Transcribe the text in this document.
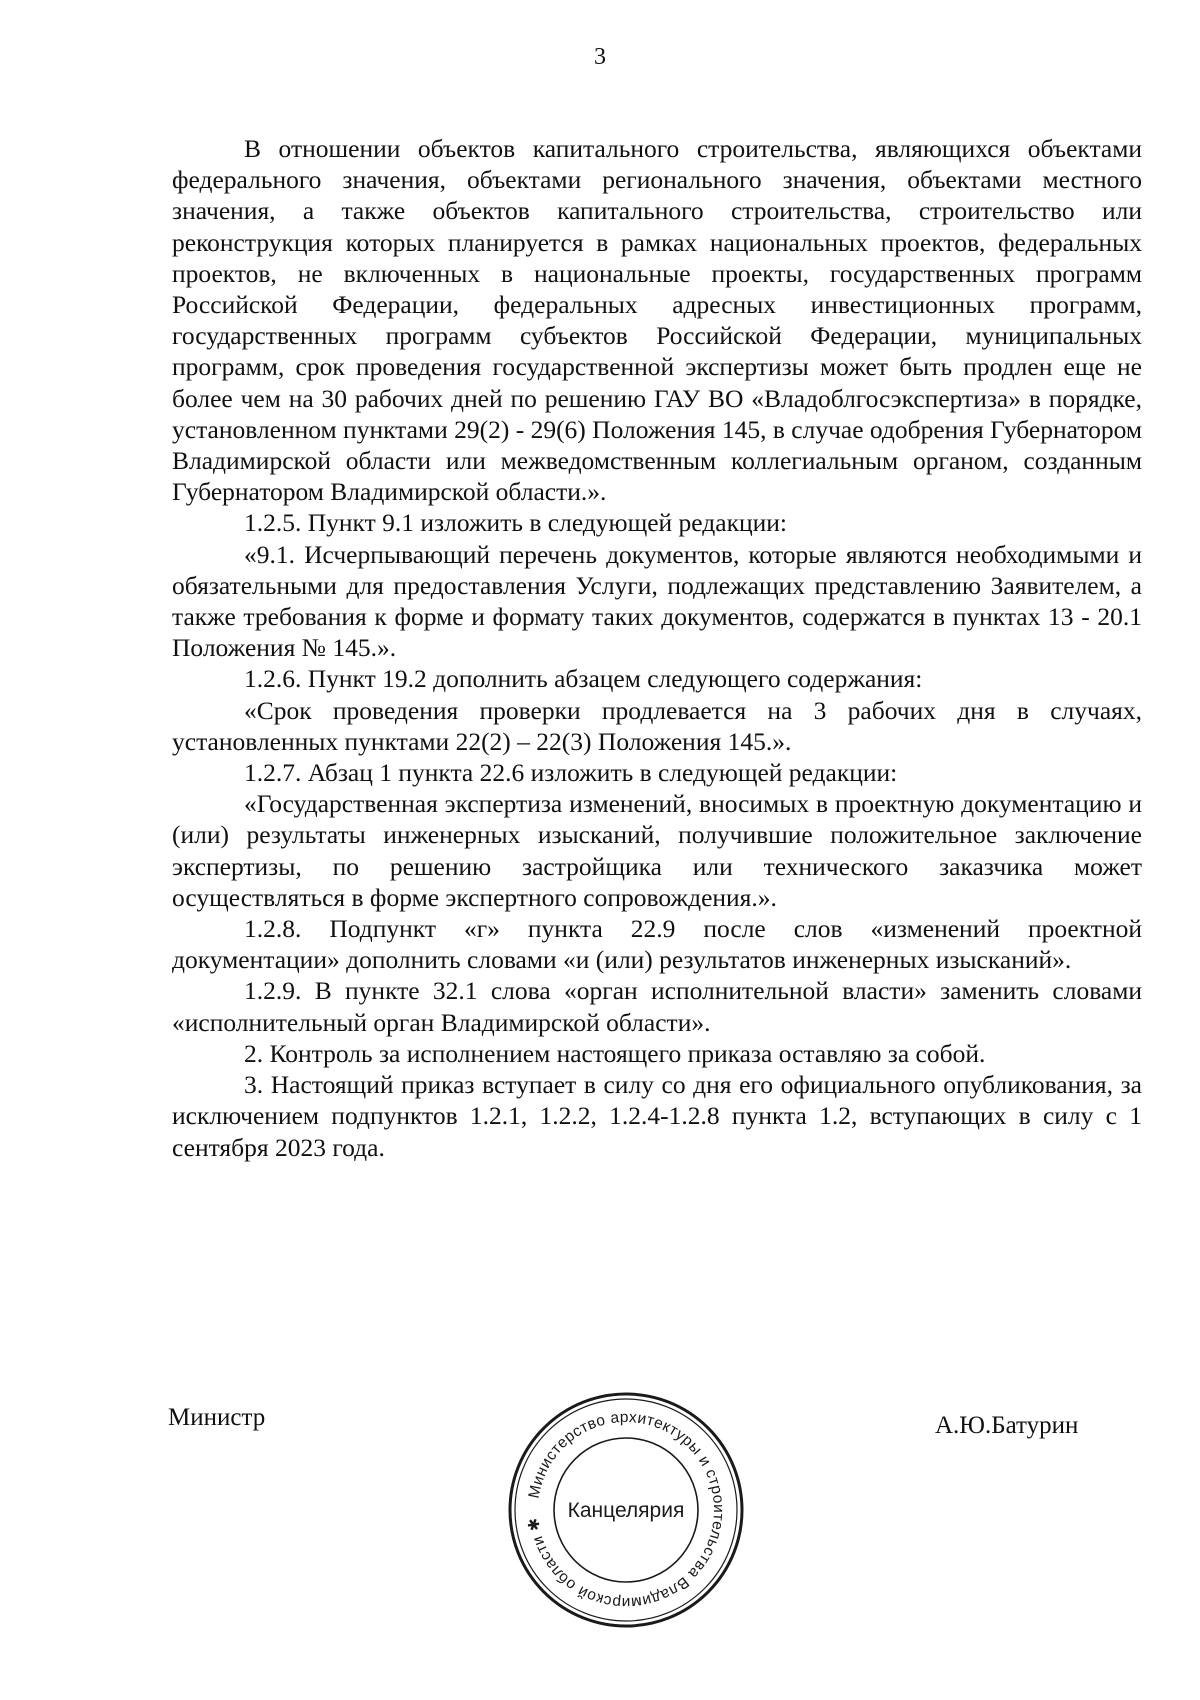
3

В отношении объектов капитального строительства, являющихся объектами федерального значения, объектами регионального значения, объектами местного значения, а также объектов капитального строительства, строительство или реконструкция которых планируется в рамках национальных проектов, федеральных проектов, не включенных в национальные проекты, государственных программ Российской Федерации, федеральных адресных инвестиционных программ, государственных программ субъектов Российской Федерации, муниципальных программ, срок проведения государственной экспертизы может быть продлен еще не более чем на 30 рабочих дней по решению ГАУ ВО «Владоблгосэкспертиза» в порядке, установленном пунктами 29(2) - 29(6) Положения 145, в случае одобрения Губернатором Владимирской области или межведомственным коллегиальным органом, созданным Губернатором Владимирской области.».

1.2.5. Пункт 9.1 изложить в следующей редакции:

«9.1. Исчерпывающий перечень документов, которые являются необходимыми и обязательными для предоставления Услуги, подлежащих представлению Заявителем, а также требования к форме и формату таких документов, содержатся в пунктах 13 - 20.1 Положения № 145.».

1.2.6. Пункт 19.2 дополнить абзацем следующего содержания:

«Срок проведения проверки продлевается на 3 рабочих дня в случаях, установленных пунктами 22(2) – 22(3) Положения 145.».

1.2.7. Абзац 1 пункта 22.6 изложить в следующей редакции:

«Государственная экспертиза изменений, вносимых в проектную документацию и (или) результаты инженерных изысканий, получившие положительное заключение экспертизы, по решению застройщика или технического заказчика может осуществляться в форме экспертного сопровождения.».

1.2.8. Подпункт «г» пункта 22.9 после слов «изменений проектной документации» дополнить словами «и (или) результатов инженерных изысканий».

1.2.9. В пункте 32.1 слова «орган исполнительной власти» заменить словами «исполнительный орган Владимирской области».

2. Контроль за исполнением настоящего приказа оставляю за собой.

3. Настоящий приказ вступает в силу со дня его официального опубликования, за исключением подпунктов 1.2.1, 1.2.2, 1.2.4-1.2.8 пункта 1.2, вступающих в силу с 1 сентября 2023 года.

Министр
Министерство архитектуры и строительства Владимирской области ✱
Канцелярия
А.Ю.Батурин
